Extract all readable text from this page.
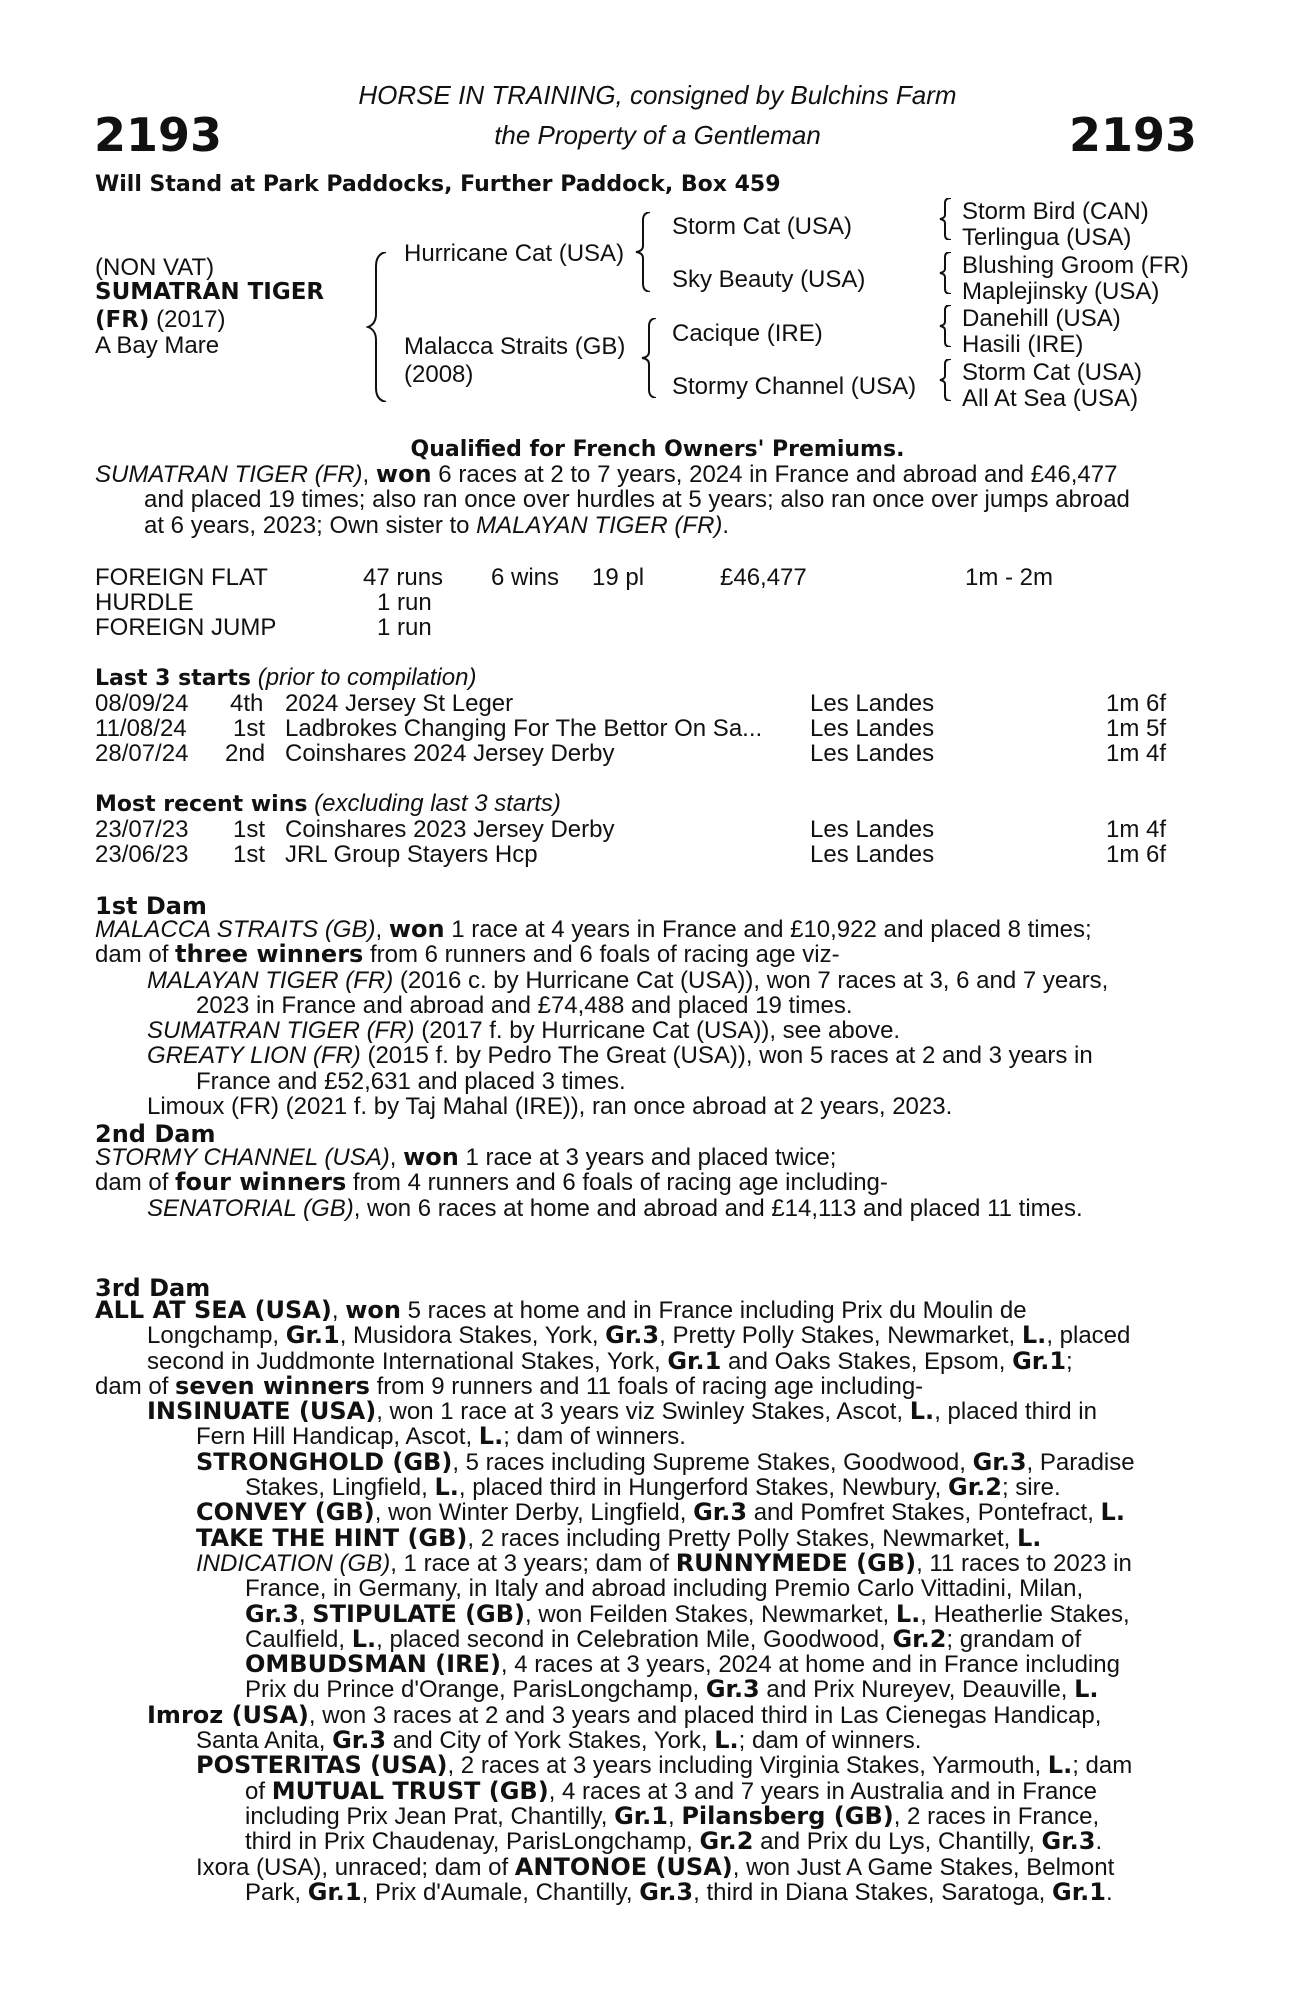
2193	2193
HORSE IN TRAINING, consigned by Bulchins Farm
the Property of a Gentleman
Will Stand at Park Paddocks, Further Paddock, Box 459
(NON VAT)
SUMATRAN TIGER
(FR) (2017)
A Bay Mare
Hurricane Cat (USA)
Malacca Straits (GB)
(2008)
Storm Cat (USA)
Sky Beauty (USA)
Cacique (IRE)
Stormy Channel (USA)
Storm Bird (CAN)
Terlingua (USA)
Blushing Groom (FR)
Maplejinsky (USA)
Danehill (USA)
Hasili (IRE)
Storm Cat (USA)
All At Sea (USA)
Qualified for French Owners' Premiums.
SUMATRAN TIGER (FR), won 6 races at 2 to 7 years, 2024 in France and abroad and £46,477
and placed 19 times; also ran once over hurdles at 5 years; also ran once over jumps abroad
at 6 years, 2023; Own sister to MALAYAN TIGER (FR).
FOREIGN FLAT	47 runs 6 wins 19 pl	£46,477	1m - 2m
HURDLE	1 run
FOREIGN JUMP	1 run
Last 3 starts (prior to compilation)
08/09/24 4th 2024 Jersey St Leger	Les Landes	1m 6f
11/08/24 1st Ladbrokes Changing For The Bettor On Sa... Les Landes	1m 5f
28/07/24 2nd Coinshares 2024 Jersey Derby	Les Landes	1m 4f
Most recent wins (excluding last 3 starts)
23/07/23 1st Coinshares 2023 Jersey Derby	Les Landes	1m 4f
23/06/23 1st JRL Group Stayers Hcp	Les Landes	1m 6f
1st Dam
MALACCA STRAITS (GB), won 1 race at 4 years in France and £10,922 and placed 8 times;
dam of three winners from 6 runners and 6 foals of racing age viz-
MALAYAN TIGER (FR) (2016 c. by Hurricane Cat (USA)), won 7 races at 3, 6 and 7 years,
2023 in France and abroad and £74,488 and placed 19 times.
SUMATRAN TIGER (FR) (2017 f. by Hurricane Cat (USA)), see above.
GREATY LION (FR) (2015 f. by Pedro The Great (USA)), won 5 races at 2 and 3 years in
France and £52,631 and placed 3 times.
Limoux (FR) (2021 f. by Taj Mahal (IRE)), ran once abroad at 2 years, 2023.
2nd Dam
STORMY CHANNEL (USA), won 1 race at 3 years and placed twice;
dam of four winners from 4 runners and 6 foals of racing age including-
SENATORIAL (GB), won 6 races at home and abroad and £14,113 and placed 11 times.
3rd Dam
ALL AT SEA (USA), won 5 races at home and in France including Prix du Moulin de
Longchamp, Gr.1, Musidora Stakes, York, Gr.3, Pretty Polly Stakes, Newmarket, L., placed
second in Juddmonte International Stakes, York, Gr.1 and Oaks Stakes, Epsom, Gr.1;
dam of seven winners from 9 runners and 11 foals of racing age including-
INSINUATE (USA), won 1 race at 3 years viz Swinley Stakes, Ascot, L., placed third in
Fern Hill Handicap, Ascot, L.; dam of winners.
STRONGHOLD (GB), 5 races including Supreme Stakes, Goodwood, Gr.3, Paradise
Stakes, Lingfield, L., placed third in Hungerford Stakes, Newbury, Gr.2; sire.
CONVEY (GB), won Winter Derby, Lingfield, Gr.3 and Pomfret Stakes, Pontefract, L.
TAKE THE HINT (GB), 2 races including Pretty Polly Stakes, Newmarket, L.
INDICATION (GB), 1 race at 3 years; dam of RUNNYMEDE (GB), 11 races to 2023 in
France, in Germany, in Italy and abroad including Premio Carlo Vittadini, Milan,
Gr.3, STIPULATE (GB), won Feilden Stakes, Newmarket, L., Heatherlie Stakes,
Caulfield, L., placed second in Celebration Mile, Goodwood, Gr.2; grandam of
OMBUDSMAN (IRE), 4 races at 3 years, 2024 at home and in France including
Prix du Prince d'Orange, ParisLongchamp, Gr.3 and Prix Nureyev, Deauville, L.
Imroz (USA), won 3 races at 2 and 3 years and placed third in Las Cienegas Handicap,
Santa Anita, Gr.3 and City of York Stakes, York, L.; dam of winners.
POSTERITAS (USA), 2 races at 3 years including Virginia Stakes, Yarmouth, L.; dam
of MUTUAL TRUST (GB), 4 races at 3 and 7 years in Australia and in France
including Prix Jean Prat, Chantilly, Gr.1, Pilansberg (GB), 2 races in France,
third in Prix Chaudenay, ParisLongchamp, Gr.2 and Prix du Lys, Chantilly, Gr.3.
Ixora (USA), unraced; dam of ANTONOE (USA), won Just A Game Stakes, Belmont
Park, Gr.1, Prix d'Aumale, Chantilly, Gr.3, third in Diana Stakes, Saratoga, Gr.1.
